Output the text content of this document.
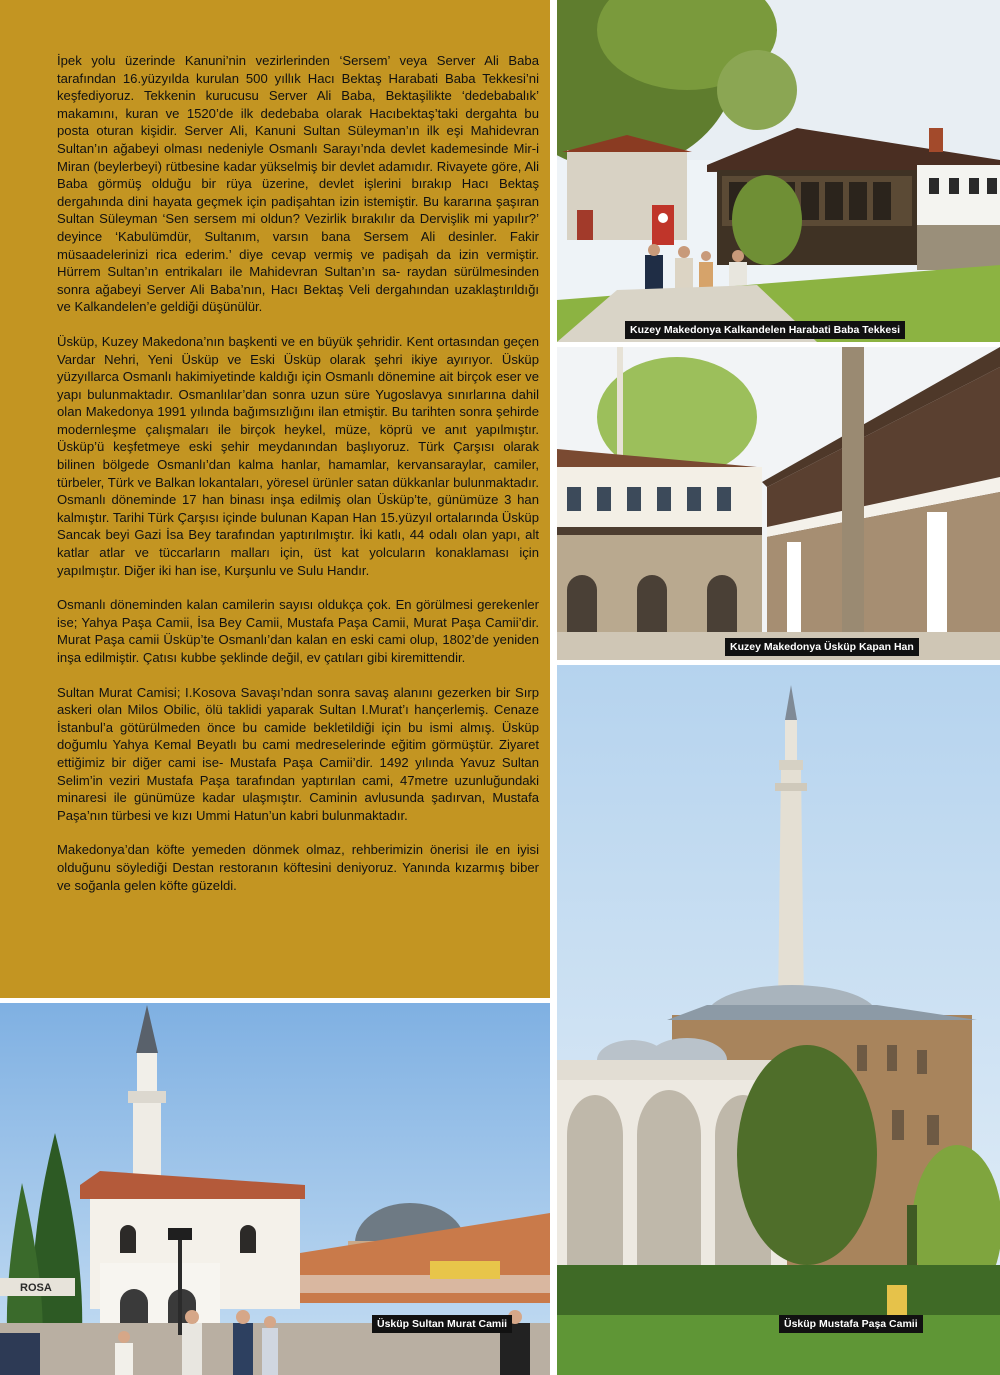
İpek yolu üzerinde Kanuni’nin vezirlerinden ‘Sersem’ veya Server Ali Baba tarafından 16.yüzyılda kurulan 500 yıllık Hacı Bektaş Harabati Baba Tekkesi’ni keşfediyoruz. Tekkenin kurucusu Server Ali Baba, Bektaşilikte ‘dedebabalık’ makamını, kuran ve 1520’de ilk dedebaba olarak Hacıbektaş’taki dergahta bu posta oturan kişidir. Server Ali, Kanuni Sultan Süleyman’ın ilk eşi Mahidevran Sultan’ın ağabeyi olması nedeniyle Osmanlı Sarayı’nda devlet kademesinde Mir-i Miran (beylerbeyi) rütbesine kadar yükselmiş bir devlet adamıdır. Rivayete göre, Ali Baba görmüş olduğu bir rüya üzerine, devlet işlerini bırakıp Hacı Bektaş dergahında dini hayata geçmek için padişahtan izin istemiştir. Bu kararına şaşıran Sultan Süleyman ‘Sen sersem mi oldun? Vezirlik bırakılır da Dervişlik mi yapılır?’ deyince ‘Kabulümdür, Sultanım, varsın bana Sersem Ali desinler. Fakir müsaadelerinizi rica ederim.’ diye cevap vermiş ve padişah da izin vermiştir. Hürrem Sultan’ın entrikaları ile Mahidevran Sultan’ın sa- raydan sürülmesinden sonra ağabeyi Server Ali Baba’nın, Hacı Bektaş Veli dergahından uzaklaştırıldığı ve Kalkandelen’e geldiği düşünülür.

Üsküp, Kuzey Makedona’nın başkenti ve en büyük şehridir. Kent ortasından geçen Vardar Nehri, Yeni Üsküp ve Eski Üsküp olarak şehri ikiye ayırıyor. Üsküp yüzyıllarca Osmanlı hakimiyetinde kaldığı için Osmanlı dönemine ait birçok eser ve yapı bulunmaktadır. Osmanlılar’dan sonra uzun süre Yugoslavya sınırlarına dahil olan Makedonya 1991 yılında bağımsızlığını ilan etmiştir. Bu tarihten sonra şehirde modernleşme çalışmaları ile birçok heykel, müze, köprü ve anıt yapılmıştır. Üsküp’ü keşfetmeye eski şehir meydanından başlıyoruz. Türk Çarşısı olarak bilinen bölgede Osmanlı’dan kalma hanlar, hamamlar, kervansaraylar, camiler, türbeler, Türk ve Balkan lokantaları, yöresel ürünler satan dükkanlar bulunmaktadır. Osmanlı döneminde 17 han binası inşa edilmiş olan Üsküp’te, günümüze 3 han kalmıştır. Tarihi Türk Çarşısı içinde bulunan Kapan Han 15.yüzyıl ortalarında Üsküp Sancak beyi Gazi İsa Bey tarafından yaptırılmıştır. İki katlı, 44 odalı olan yapı, alt katlar atlar ve tüccarların malları için, üst kat yolcuların konaklaması için yapılmıştır. Diğer iki han ise, Kurşunlu ve Sulu Handır.

Osmanlı döneminden kalan camilerin sayısı oldukça çok. En görülmesi gerekenler ise; Yahya Paşa Camii, İsa Bey Camii, Mustafa Paşa Camii, Murat Paşa Camii’dir. Murat Paşa camii Üsküp’te Osmanlı’dan kalan en eski cami olup, 1802’de yeniden inşa edilmiştir. Çatısı kubbe şeklinde değil, ev çatıları gibi kiremittendir.

Sultan Murat Camisi; I.Kosova Savaşı’ndan sonra savaş alanını gezerken bir Sırp askeri olan Milos Obilic, ölü taklidi yaparak Sultan I.Murat’ı hançerlemiş. Cenaze İstanbul’a götürülmeden önce bu camide bekletildiği için bu ismi almış. Üsküp doğumlu Yahya Kemal Beyatlı bu cami medreselerinde eğitim görmüştür. Ziyaret ettiğimiz bir diğer cami ise- Mustafa Paşa Camii’dir. 1492 yılında Yavuz Sultan Selim’in veziri Mustafa Paşa tarafından yaptırılan cami, 47metre uzunluğundaki minaresi ile günümüze kadar ulaşmıştır. Caminin avlusunda şadırvan, Mustafa Paşa’nın türbesi ve kızı Ummi Hatun’un kabri bulunmaktadır.

Makedonya’dan köfte yemeden dönmek olmaz, rehberimizin önerisi ile en iyisi olduğunu söylediği Destan restoranın köftesini deniyoruz. Yanında kızarmış biber ve soğanla gelen köfte güzeldi.

Kuzey Makedonya Kalkandelen Harabati Baba Tekkesi
Kuzey Makedonya Üsküp Kapan Han
Üsküp Mustafa Paşa Camii
ROSA
Üsküp Sultan Murat Camii
